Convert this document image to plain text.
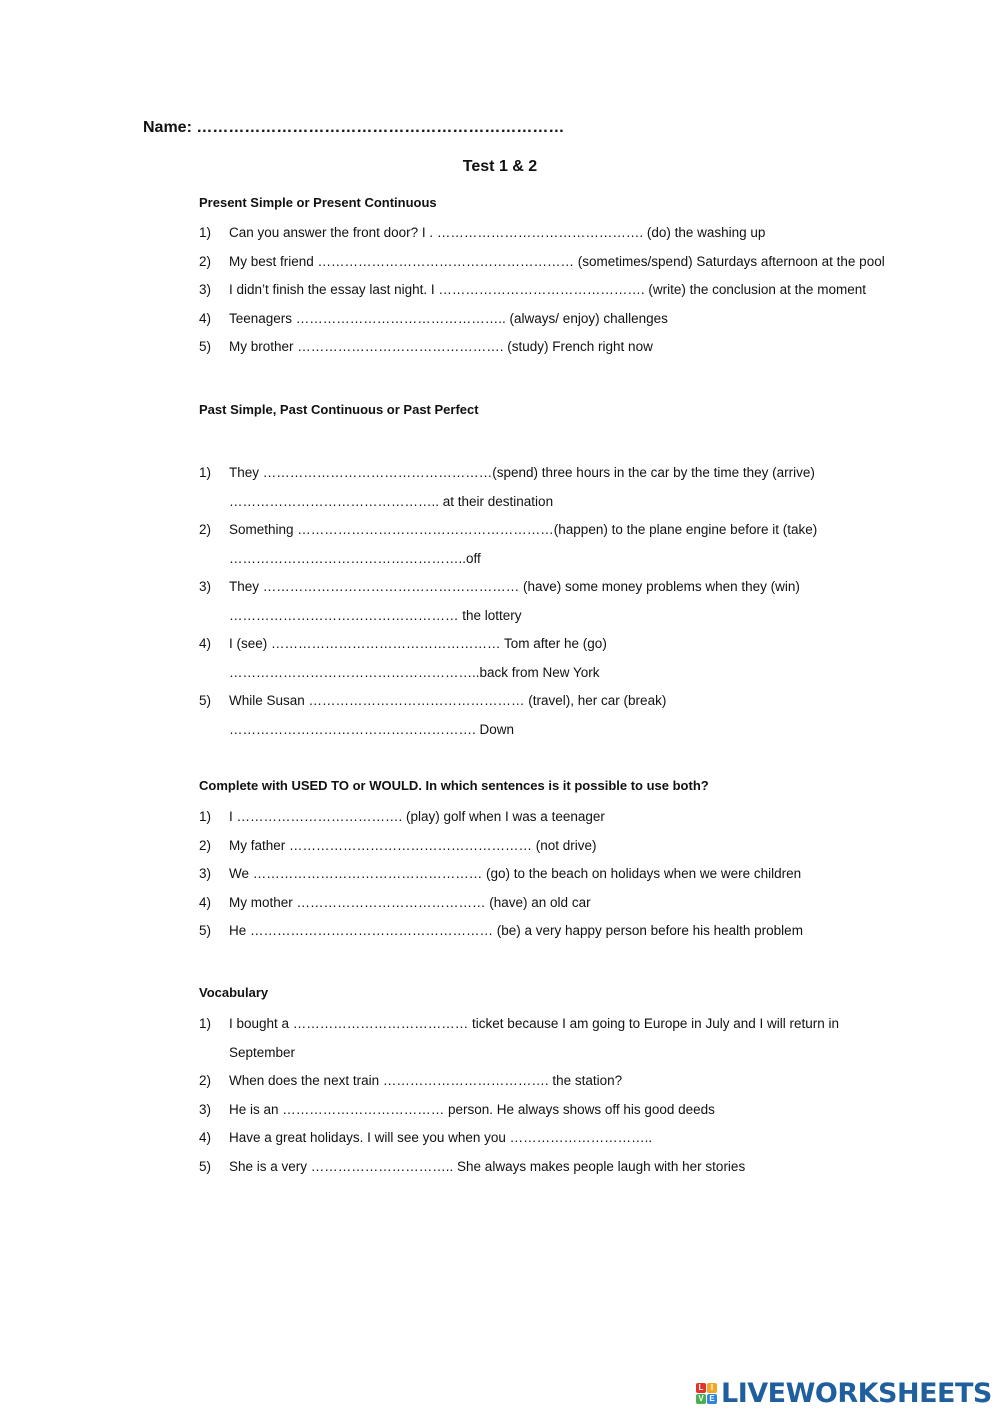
Name: ……………………………………………………………
Test 1 & 2
Present Simple or Present Continuous
1) Can you answer the front door? I . ………………………………………. (do) the washing up
2) My best friend ………………………………………………… (sometimes/spend) Saturdays afternoon at the pool
3) I didn’t finish the essay last night. I ………………………………………. (write) the conclusion at the moment
4) Teenagers ……………………………………….. (always/ enjoy) challenges
5) My brother ………………………………………. (study) French right now
Past Simple, Past Continuous or Past Perfect
1) They ……………………………………………(spend) three hours in the car by the time they (arrive) ……………………………………….. at their destination
2) Something …………………………………………………(happen) to the plane engine before it (take) ……………………………………………..off
3) They ………………………………………………… (have) some money problems when they (win) …………………………………………… the lottery
4) I (see) …………………………………………… Tom after he (go) ………………………………………………..back from New York
5) While Susan ………………………………………… (travel), her car (break) ………………………………………………. Down
Complete with USED TO or WOULD. In which sentences is it possible to use both?
1) I ………………………………. (play) golf when I was a teenager
2) My father ……………………………………………… (not drive)
3) We …………………………………………… (go) to the beach on holidays when we were children
4) My mother …………………………………… (have) an old car
5) He ……………………………………………… (be) a very happy person before his health problem
Vocabulary
1) I bought a ………………………………… ticket because I am going to Europe in July and I will return in September
2) When does the next train ………………………………. the station?
3) He is an ……………………………… person. He always shows off his good deeds
4) Have a great holidays. I will see you when you …………………………..
5) She is a very ………………………….. She always makes people laugh with her stories
L I
V E LIVEWORKSHEETS
